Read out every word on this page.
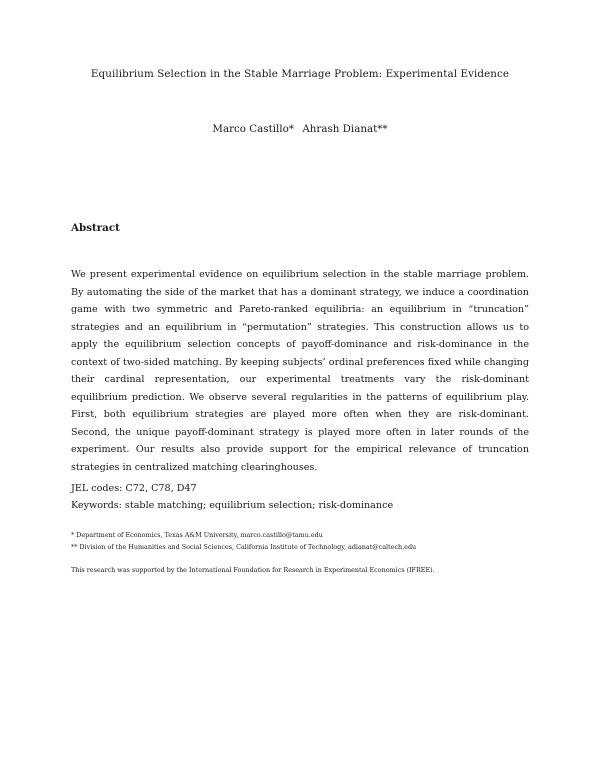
Equilibrium Selection in the Stable Marriage Problem: Experimental Evidence
Marco Castillo*  Ahrash Dianat**
Abstract
We present experimental evidence on equilibrium selection in the stable marriage problem. By automating the side of the market that has a dominant strategy, we induce a coordination game with two symmetric and Pareto-ranked equilibria: an equilibrium in “truncation” strategies and an equilibrium in “permutation” strategies. This construction allows us to apply the equilibrium selection concepts of payoff-dominance and risk-dominance in the context of two-sided matching. By keeping subjects’ ordinal preferences fixed while changing their cardinal representation, our experimental treatments vary the risk-dominant equilibrium prediction. We observe several regularities in the patterns of equilibrium play. First, both equilibrium strategies are played more often when they are risk-dominant. Second, the unique payoff-dominant strategy is played more often in later rounds of the experiment. Our results also provide support for the empirical relevance of truncation strategies in centralized matching clearinghouses.
JEL codes: C72, C78, D47
Keywords: stable matching; equilibrium selection; risk-dominance
* Department of Economics, Texas A&M University, marco.castillo@tamu.edu
** Division of the Humanities and Social Sciences, California Institute of Technology, adianat@caltech.edu
This research was supported by the International Foundation for Research in Experimental Economics (IFREE).
